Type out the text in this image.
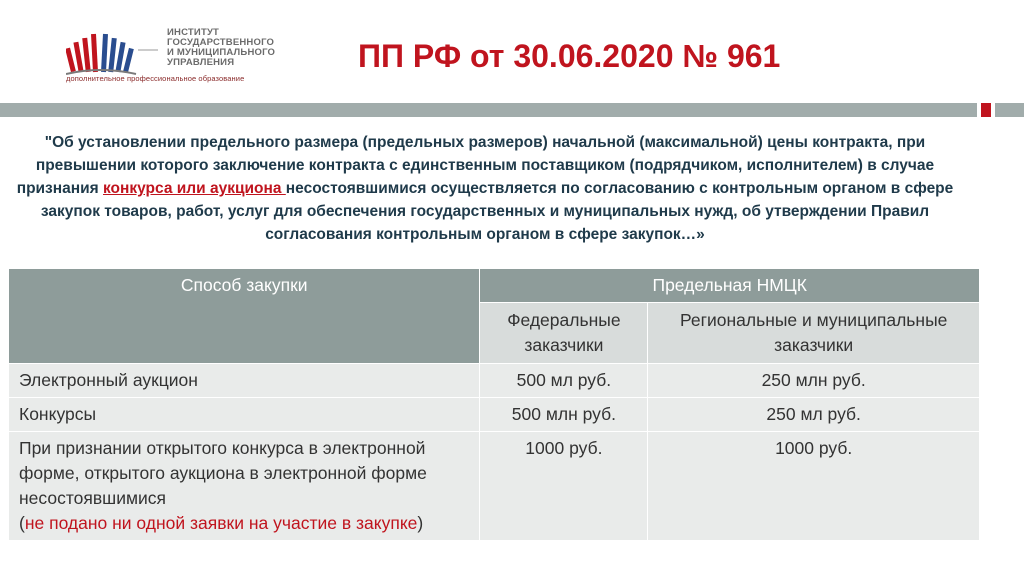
ИНСТИТУТ
ГОСУДАРСТВЕННОГО
И МУНИЦИПАЛЬНОГО
УПРАВЛЕНИЯ
дополнительное профессиональное образование
ПП РФ от 30.06.2020 № 961
"Об установлении предельного размера (предельных размеров) начальной (максимальной) цены контракта, при превышении которого заключение контракта с единственным поставщиком (подрядчиком, исполнителем) в случае признания конкурса или аукциона несостоявшимися осуществляется по согласованию с контрольным органом в сфере закупок товаров, работ, услуг для обеспечения государственных и муниципальных нужд, об утверждении Правил согласования контрольным органом в сфере закупок…»
Способ закупки	Предельная НМЦК	
	Федеральные заказчики	Региональные и муниципальные заказчики
Электронный аукцион	500 мл руб.	250 млн руб.
Конкурсы	500 млн руб.	250 мл руб.
При признании открытого конкурса в электронной форме, открытого аукциона в электронной форме несостоявшимися
(не подано ни одной заявки на участие в закупке)	1000 руб.	1000 руб.
